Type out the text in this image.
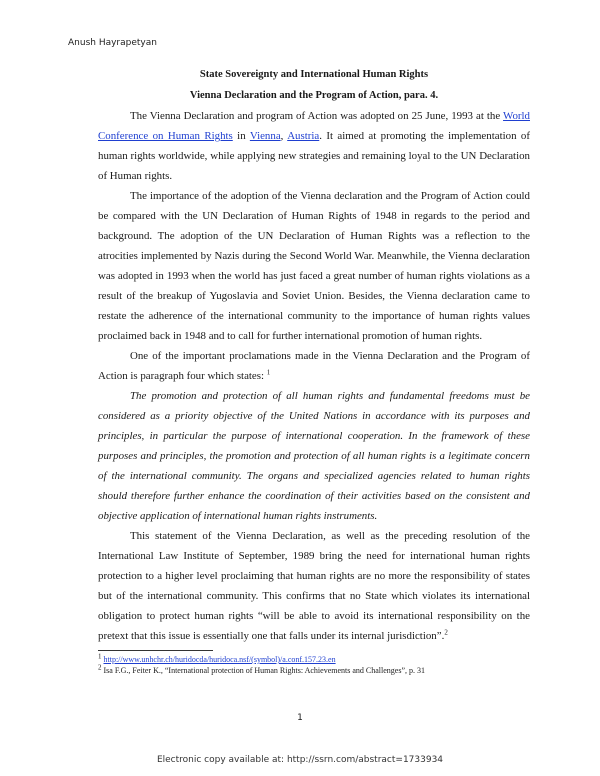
Anush Hayrapetyan

State Sovereignty and International Human Rights

Vienna Declaration and the Program of Action, para. 4.

The Vienna Declaration and program of Action was adopted on 25 June, 1993 at the World Conference on Human Rights in Vienna, Austria. It aimed at promoting the implementation of human rights worldwide, while applying new strategies and remaining loyal to the UN Declaration of Human rights.

The importance of the adoption of the Vienna declaration and the Program of Action could be compared with the UN Declaration of Human Rights of 1948 in regards to the period and background. The adoption of the UN Declaration of Human Rights was a reflection to the atrocities implemented by Nazis during the Second World War. Meanwhile, the Vienna declaration was adopted in 1993 when the world has just faced a great number of human rights violations as a result of the breakup of Yugoslavia and Soviet Union. Besides, the Vienna declaration came to restate the adherence of the international community to the importance of human rights values proclaimed back in 1948 and to call for further international promotion of human rights.

One of the important proclamations made in the Vienna Declaration and the Program of Action is paragraph four which states: $^1$

The promotion and protection of all human rights and fundamental freedoms must be considered as a priority objective of the United Nations in accordance with its purposes and principles, in particular the purpose of international cooperation. In the framework of these purposes and principles, the promotion and protection of all human rights is a legitimate concern of the international community. The organs and specialized agencies related to human rights should therefore further enhance the coordination of their activities based on the consistent and objective application of international human rights instruments.

This statement of the Vienna Declaration, as well as the preceding resolution of the International Law Institute of September, 1989 bring the need for international human rights protection to a higher level proclaiming that human rights are no more the responsibility of states but of the international community. This confirms that no State which violates its international obligation to protect human rights “will be able to avoid its international responsibility on the pretext that this issue is essentially one that falls under its internal jurisdiction”.$^2$

$^1$ http://www.unhchr.ch/huridocda/huridoca.nsf/(symbol)/a.conf.157.23.en

$^2$ Isa F.G., Feiter K., “International protection of Human Rights: Achievements and Challenges”, p. 31

1
Electronic copy available at: http://ssrn.com/abstract=1733934
